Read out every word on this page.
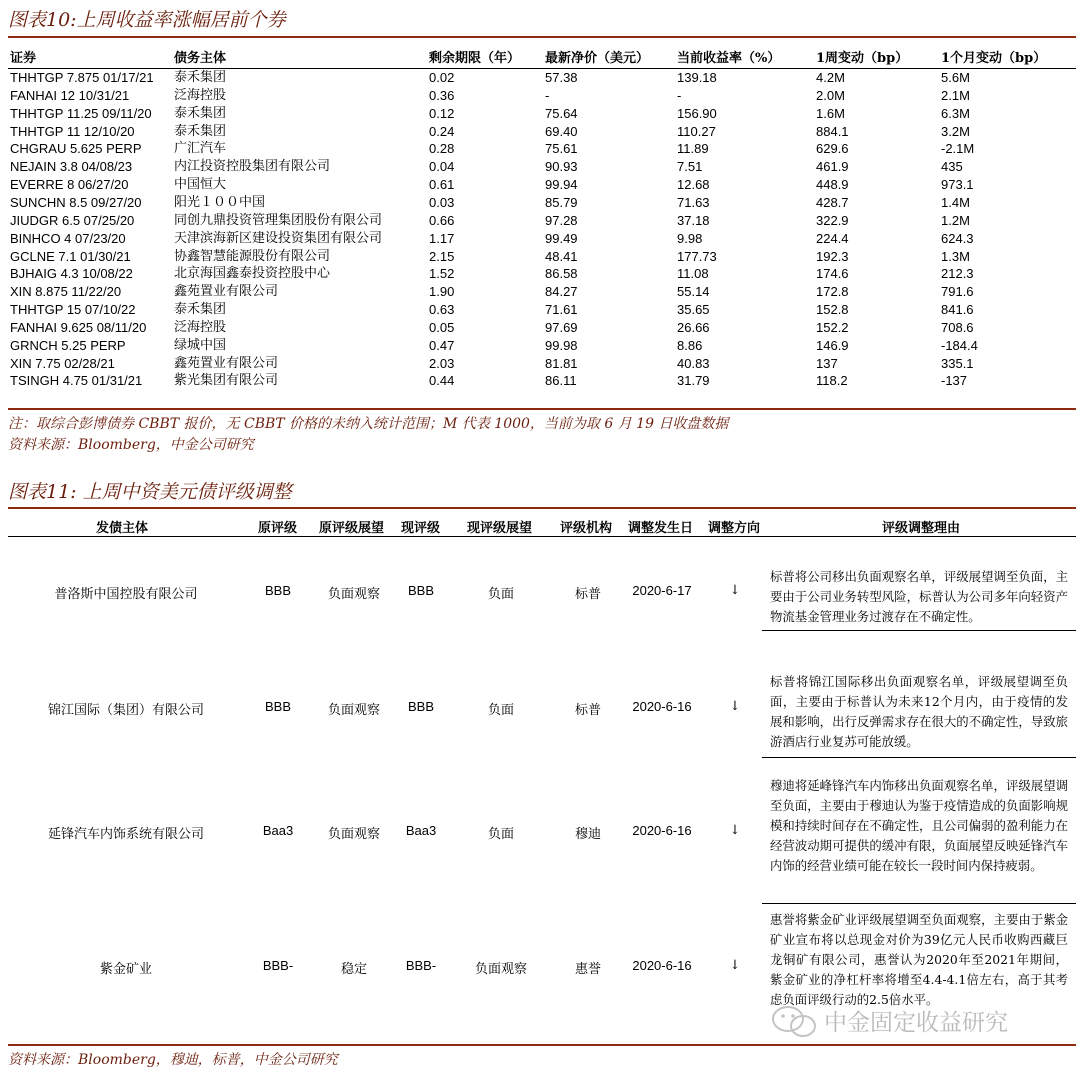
图表10:上周收益率涨幅居前个券
证券	债务主体	剩余期限（年） 最新净价（美元） 当前收益率（%）	1周变动（bp）	1个月变动（bp）
THHTGP 7.875 01/17/21 泰禾集团	0.02	57.38	139.18	4.2M	5.6M
FANHAI 12 10/31/21	泛海控股	0.36	-	-	2.0M	2.1M
THHTGP 11.25 09/11/20 泰禾集团	0.12	75.64	156.90	1.6M	6.3M
THHTGP 11 12/10/20	泰禾集团	0.24	69.40	110.27	884.1	3.2M
CHGRAU 5.625 PERP	广汇汽车	0.28	75.61	11.89	629.6	-2.1M
NEJAIN 3.8 04/08/23	内江投资控股集团有限公司	0.04	90.93	7.51	461.9	435
EVERRE 8 06/27/20	中国恒大	0.61	99.94	12.68	448.9	973.1
SUNCHN 8.5 09/27/20 阳光１００中国	0.03	85.79	71.63	428.7	1.4M
JIUDGR 6.5 07/25/20	同创九鼎投资管理集团股份有限公司	0.66	97.28	37.18	322.9	1.2M
BINHCO 4 07/23/20	天津滨海新区建设投资集团有限公司	1.17	99.49	9.98	224.4	624.3
GCLNE 7.1 01/30/21	协鑫智慧能源股份有限公司	2.15	48.41	177.73	192.3	1.3M
BJHAIG 4.3 10/08/22	北京海国鑫泰投资控股中心	1.52	86.58	11.08	174.6	212.3
XIN 8.875 11/22/20	鑫苑置业有限公司	1.90	84.27	55.14	172.8	791.6
THHTGP 15 07/10/22	泰禾集团	0.63	71.61	35.65	152.8	841.6
FANHAI 9.625 08/11/20 泛海控股	0.05	97.69	26.66	152.2	708.6
GRNCH 5.25 PERP	绿城中国	0.47	99.98	8.86	146.9	-184.4
XIN 7.75 02/28/21	鑫苑置业有限公司	2.03	81.81	40.83	137	335.1
TSINGH 4.75 01/31/21 紫光集团有限公司	0.44	86.11	31.79	118.2	-137
注：取综合彭博债券 CBBT 报价，无 CBBT 价格的未纳入统计范围；M 代表 1000，当前为取 6 月 19 日收盘数据
资料来源：Bloomberg，中金公司研究
图表11: 上周中资美元债评级调整
发债主体	原评级 原评级展望 现评级 现评级展望 评级机构 调整发生日 调整方向	评级调整理由
普洛斯中国控股有限公司	BBB	负面观察 BBB	负面	标普 2020-6-17	↓
标普将公司移出负面观察名单，评级展望调至负面，主要由于公司业务转型风险，标普认为公司多年向轻资产物流基金管理业务过渡存在不确定性。
锦江国际（集团）有限公司	BBB	负面观察 BBB	负面	标普 2020-6-16	↓
标普将锦江国际移出负面观察名单，评级展望调至负面，主要由于标普认为未来12个月内，由于疫情的发展和影响，出行反弹需求存在很大的不确定性，导致旅游酒店行业复苏可能放缓。
延锋汽车内饰系统有限公司	Baa3	负面观察 Baa3	负面	穆迪 2020-6-16	↓
穆迪将延峰锋汽车内饰移出负面观察名单，评级展望调至负面，主要由于穆迪认为鉴于疫情造成的负面影响规模和持续时间存在不确定性，且公司偏弱的盈利能力在经营波动期可提供的缓冲有限，负面展望反映延锋汽车内饰的经营业绩可能在较长一段时间内保持疲弱。
紫金矿业	BBB-	稳定	BBB-	负面观察	惠誉 2020-6-16	↓
惠誉将紫金矿业评级展望调至负面观察，主要由于紫金矿业宣布将以总现金对价为39亿元人民币收购西藏巨龙铜矿有限公司，惠誉认为2020年至2021年期间，紫金矿业的净杠杆率将增至4.4-4.1倍左右，高于其考虑负面评级行动的2.5倍水平。
中金固定收益研究
资料来源：Bloomberg，穆迪，标普，中金公司研究
